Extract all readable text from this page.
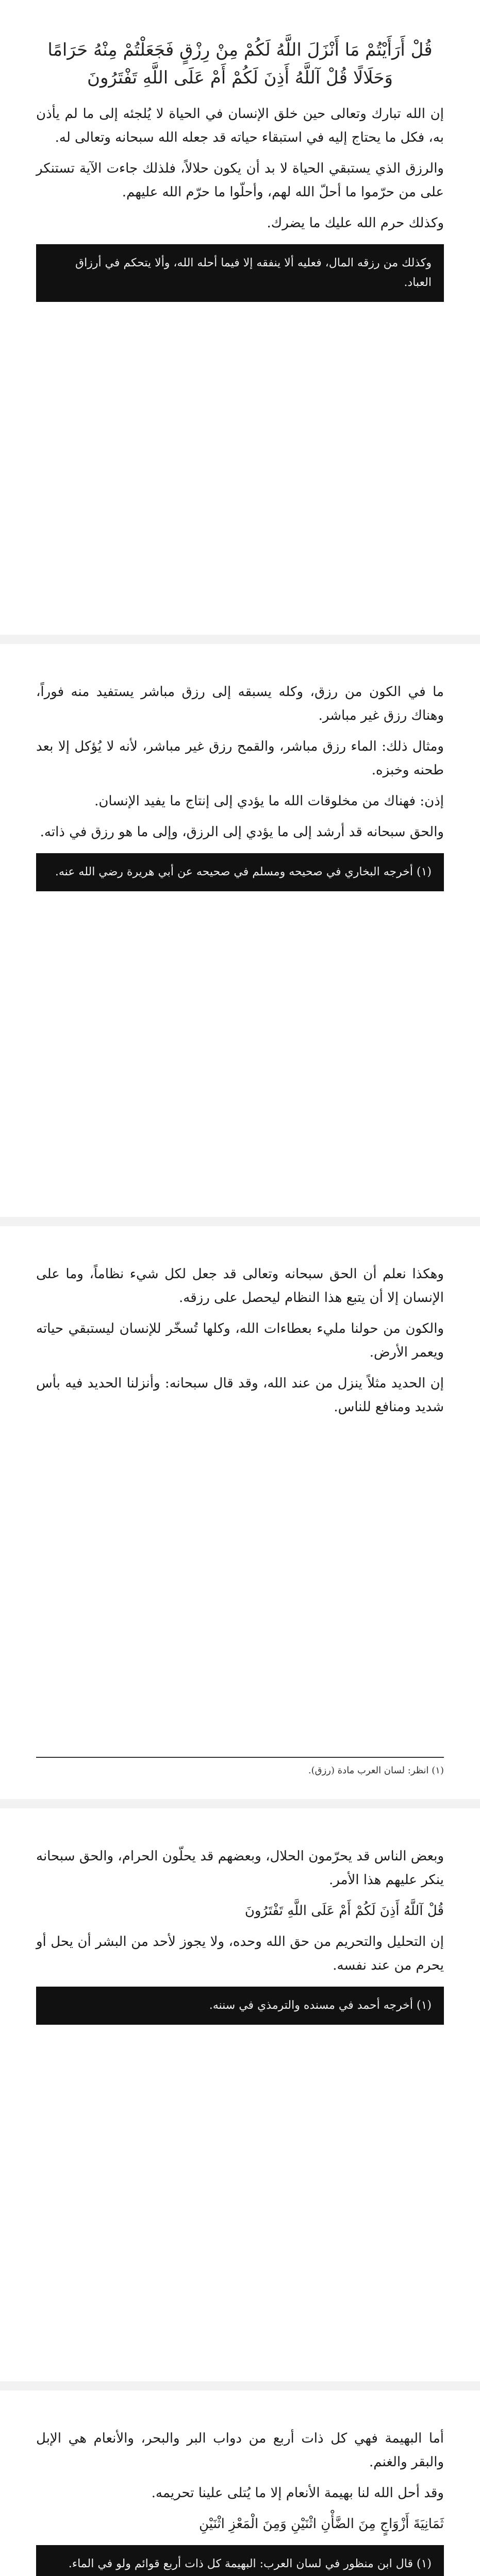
قُلْ أَرَأَيْتُمْ مَا أَنْزَلَ اللَّهُ لَكُمْ مِنْ رِزْقٍ فَجَعَلْتُمْ مِنْهُ حَرَامًا وَحَلَالًا قُلْ آللَّهُ أَذِنَ لَكُمْ أَمْ عَلَى اللَّهِ تَفْتَرُونَ

إن الله تبارك وتعالى حين خلق الإنسان في الحياة لا يُلجئه إلى ما لم يأذن به، فكل ما يحتاج إليه في استبقاء حياته قد جعله الله سبحانه وتعالى له.

والرزق الذي يستبقي الحياة لا بد أن يكون حلالاً، فلذلك جاءت الآية تستنكر على من حرّموا ما أحلّ الله لهم، وأحلّوا ما حرّم الله عليهم.

وكذلك حرم الله عليك ما يضرك.

وكذلك من رزقه المال، فعليه ألا ينفقه إلا فيما أحله الله، وألا يتحكم في أرزاق العباد.

ما في الكون من رزق، وكله يسبقه إلى رزق مباشر يستفيد منه فوراً، وهناك رزق غير مباشر.

ومثال ذلك: الماء رزق مباشر، والقمح رزق غير مباشر، لأنه لا يُؤكل إلا بعد طحنه وخبزه.

إذن: فهناك من مخلوقات الله ما يؤدي إلى إنتاج ما يفيد الإنسان.

والحق سبحانه قد أرشد إلى ما يؤدي إلى الرزق، وإلى ما هو رزق في ذاته.

(١) أخرجه البخاري في صحيحه ومسلم في صحيحه عن أبي هريرة رضي الله عنه.

وهكذا نعلم أن الحق سبحانه وتعالى قد جعل لكل شيء نظاماً، وما على الإنسان إلا أن يتبع هذا النظام ليحصل على رزقه.

والكون من حولنا مليء بعطاءات الله، وكلها تُسخّر للإنسان ليستبقي حياته ويعمر الأرض.

إن الحديد مثلاً ينزل من عند الله، وقد قال سبحانه: وأنزلنا الحديد فيه بأس شديد ومنافع للناس.

(١) انظر: لسان العرب مادة (رزق).

وبعض الناس قد يحرّمون الحلال، وبعضهم قد يحلّون الحرام، والحق سبحانه ينكر عليهم هذا الأمر.

قُلْ آللَّهُ أَذِنَ لَكُمْ أَمْ عَلَى اللَّهِ تَفْتَرُونَ

إن التحليل والتحريم من حق الله وحده، ولا يجوز لأحد من البشر أن يحل أو يحرم من عند نفسه.

(١) أخرجه أحمد في مسنده والترمذي في سننه.

أما البهيمة فهي كل ذات أربع من دواب البر والبحر، والأنعام هي الإبل والبقر والغنم.

وقد أحل الله لنا بهيمة الأنعام إلا ما يُتلى علينا تحريمه.

ثَمَانِيَةَ أَزْوَاجٍ مِنَ الضَّأْنِ اثْنَيْنِ وَمِنَ الْمَعْزِ اثْنَيْنِ

(١) قال ابن منظور في لسان العرب: البهيمة كل ذات أربع قوائم ولو في الماء.
